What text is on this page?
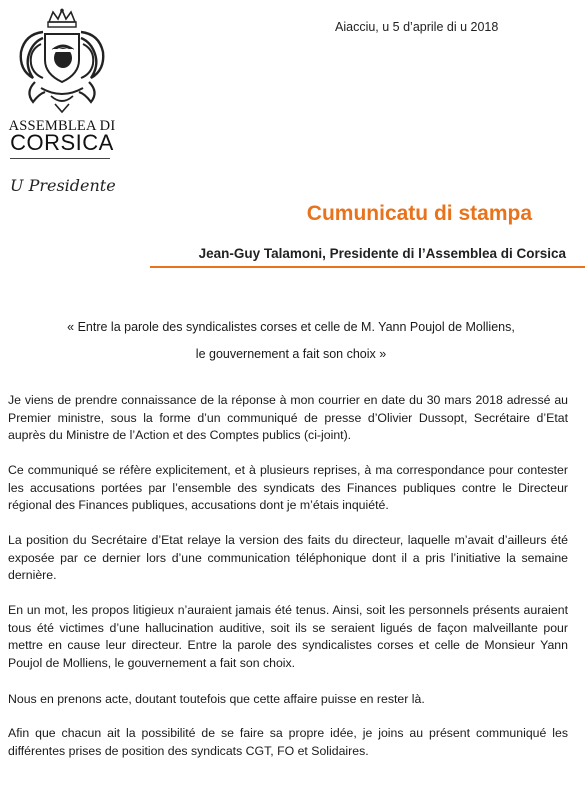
ASSEMBLEA DI
CORSICA
U Presidente
Aiacciu, u 5 d’aprile di u 2018
Cumunicatu di stampa
Jean-Guy Talamoni, Presidente di l’Assemblea di Corsica
« Entre la parole des syndicalistes corses et celle de M. Yann Poujol de Molliens,
le gouvernement a fait son choix »

Je viens de prendre connaissance de la réponse à mon courrier en date du 30 mars 2018 adressé au Premier ministre, sous la forme d’un communiqué de presse d’Olivier Dussopt, Secrétaire d’Etat auprès du Ministre de l’Action et des Comptes publics (ci-joint).

Ce communiqué se réfère explicitement, et à plusieurs reprises, à ma correspondance pour contester les accusations portées par l’ensemble des syndicats des Finances publiques contre le Directeur régional des Finances publiques, accusations dont je m’étais inquiété.

La position du Secrétaire d’Etat relaye la version des faits du directeur, laquelle m’avait d’ailleurs été exposée par ce dernier lors d’une communication téléphonique dont il a pris l’initiative la semaine dernière.

En un mot, les propos litigieux n’auraient jamais été tenus. Ainsi, soit les personnels présents auraient tous été victimes d’une hallucination auditive, soit ils se seraient ligués de façon malveillante pour mettre en cause leur directeur. Entre la parole des syndicalistes corses et celle de Monsieur Yann Poujol de Molliens, le gouvernement a fait son choix.

Nous en prenons acte, doutant toutefois que cette affaire puisse en rester là.

Afin que chacun ait la possibilité de se faire sa propre idée, je joins au présent communiqué les différentes prises de position des syndicats CGT, FO et Solidaires.
